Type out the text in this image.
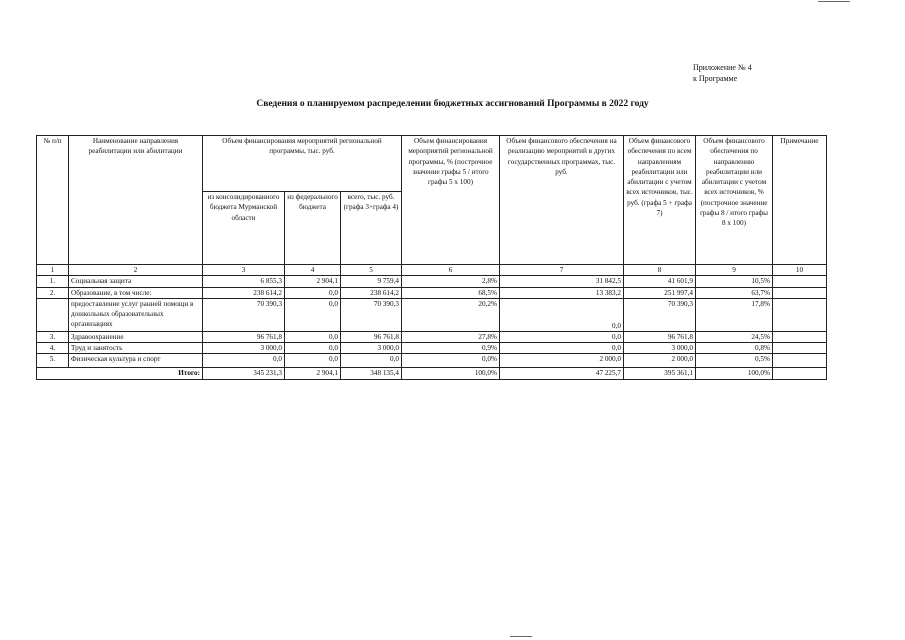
Приложение № 4
к Программе
Сведения о планируемом распределении бюджетных ассигнований Программы в 2022 году
№ п/п	Наименование направления реабилитации или абилитации	Объем финансирования мероприятий региональной программы, тыс. руб.			Объем финансирования мероприятий региональной программы, % (построчное значение графы 5 / итого графы 5 х 100)	Объем финансового обеспечения на реализацию мероприятий в других государственных программах, тыс. руб.	Объем финансового обеспечения по всем направлениям реабилитации или абилитации с учетом всех источников, тыс. руб. (графа 5 + графа 7)	Объем финансового обеспечения по направлению реабилитации или абилитации с учетом всех источников, % (построчное значение графы 8 / итого графы 8 х 100)	Примечание
		из консолидированного бюджета Мурманской области	из федерального бюджета	всего, тыс. руб. (графа 3+графа 4)					
1	2	3	4	5	6	7	8	9	10
1.	Социальная защита	6 855,3	2 904,1	9 759,4	2,8%	31 842,5	41 601,9	10,5%	
2.	Образование, в том числе:	238 614,2	0,0	238 614,2	68,5%	13 383,2	251 997,4	63,7%	
	предоставление услуг ранней помощи в дошкольных образовательных организациях	70 390,3	0,0	70 390,3	20,2%	0,0	70 390,3	17,8%	
3.	Здравоохранение	96 761,8	0,0	96 761,8	27,8%	0,0	96 761,8	24,5%	
4.	Труд и занятость	3 000,0	0,0	3 000,0	0,9%	0,0	3 000,0	0,8%	
5.	Физическая культура и спорт	0,0	0,0	0,0	0,0%	2 000,0	2 000,0	0,5%	
Итого:		345 231,3	2 904,1	348 135,4	100,0%	47 225,7	395 361,1	100,0%	
